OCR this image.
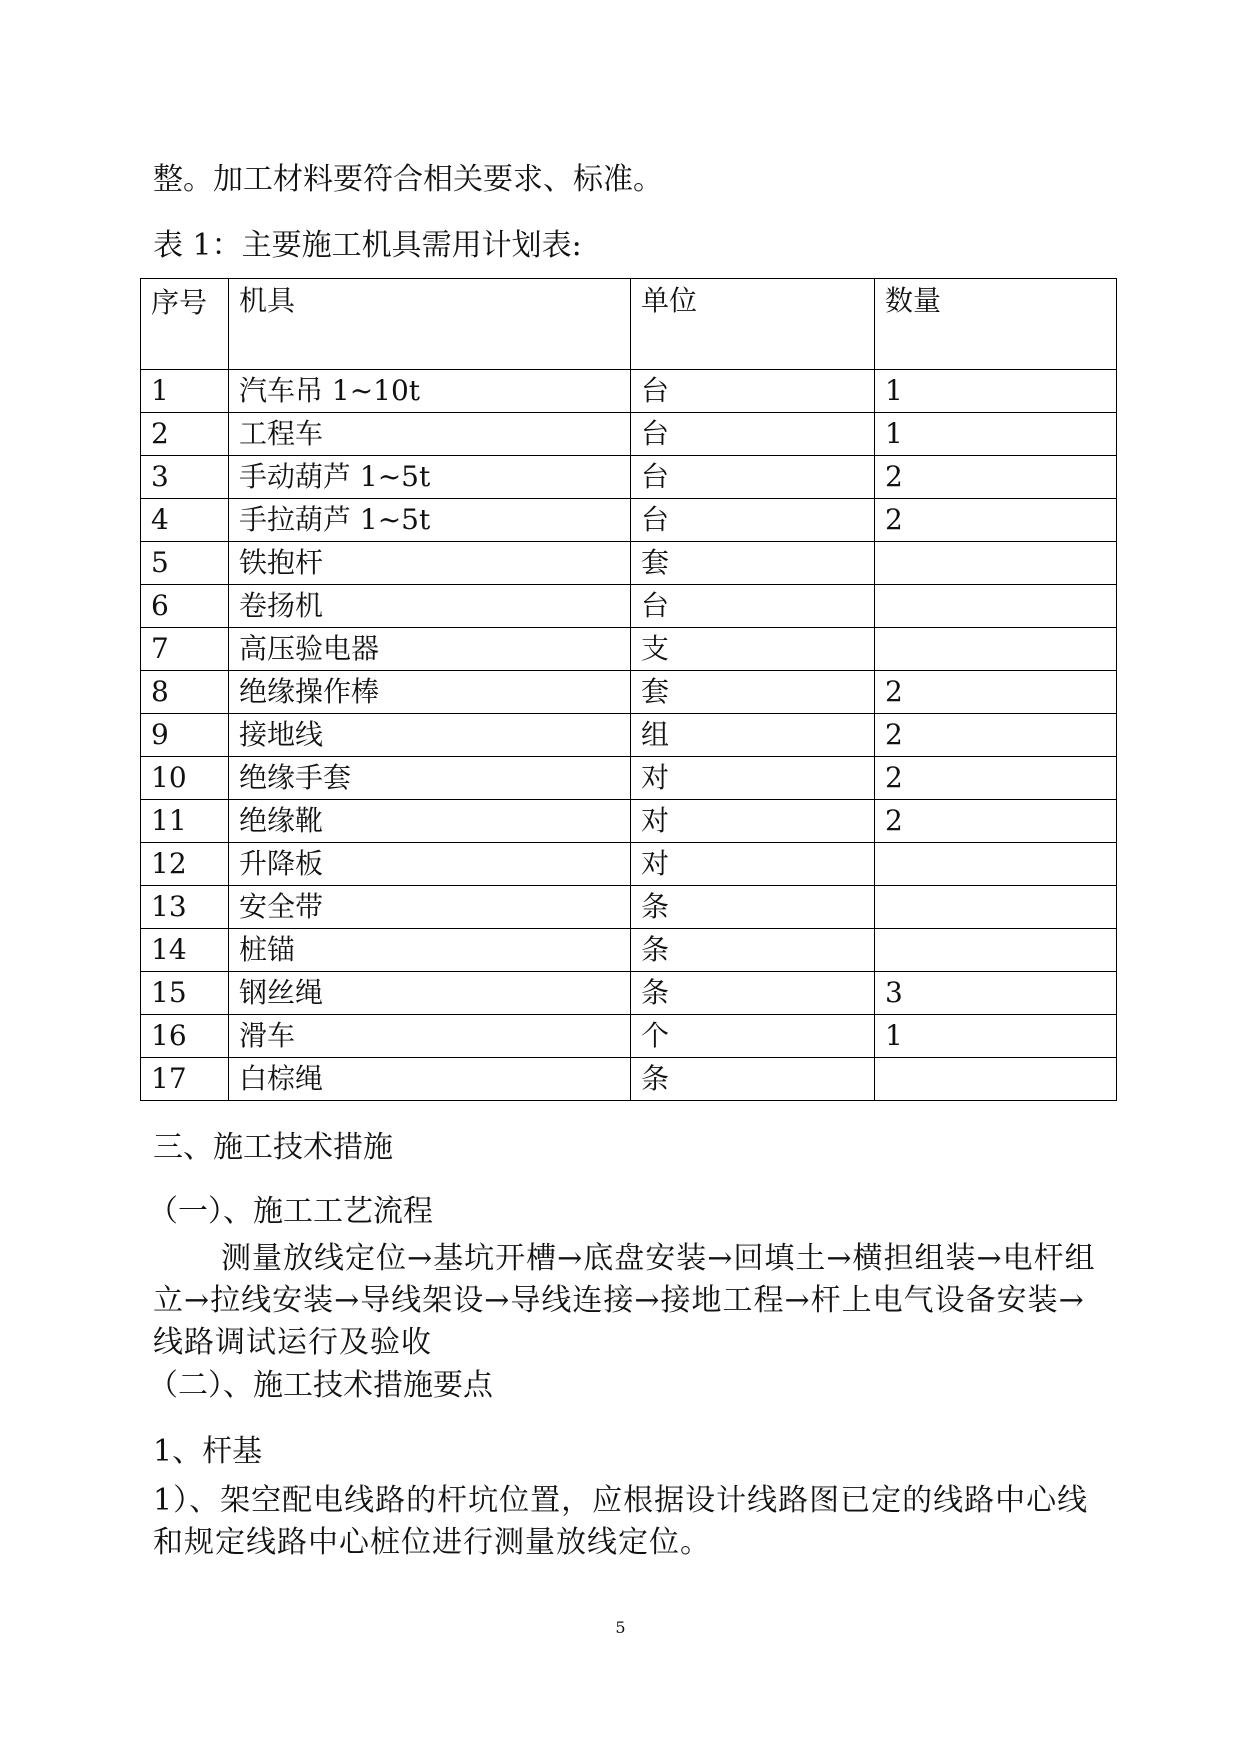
整。加工材料要符合相关要求、标准。
表 1：主要施工机具需用计划表:
序号	机具	单位	数量
1	汽车吊 1~10t	台	1
2	工程车	台	1
3	手动葫芦 1~5t	台	2
4	手拉葫芦 1~5t	台	2
5	铁抱杆	套	
6	卷扬机	台	
7	高压验电器	支	
8	绝缘操作棒	套	2
9	接地线	组	2
10	绝缘手套	对	2
11	绝缘靴	对	2
12	升降板	对	
13	安全带	条	
14	桩锚	条	
15	钢丝绳	条	3
16	滑车	个	1
17	白棕绳	条	
三、施工技术措施
（一）、施工工艺流程
测量放线定位→基坑开槽→底盘安装→回填土→横担组装→电杆组立→拉线安装→导线架设→导线连接→接地工程→杆上电气设备安装→线路调试运行及验收
（二）、施工技术措施要点
1、杆基
1）、架空配电线路的杆坑位置，应根据设计线路图已定的线路中心线和规定线路中心桩位进行测量放线定位。
5
